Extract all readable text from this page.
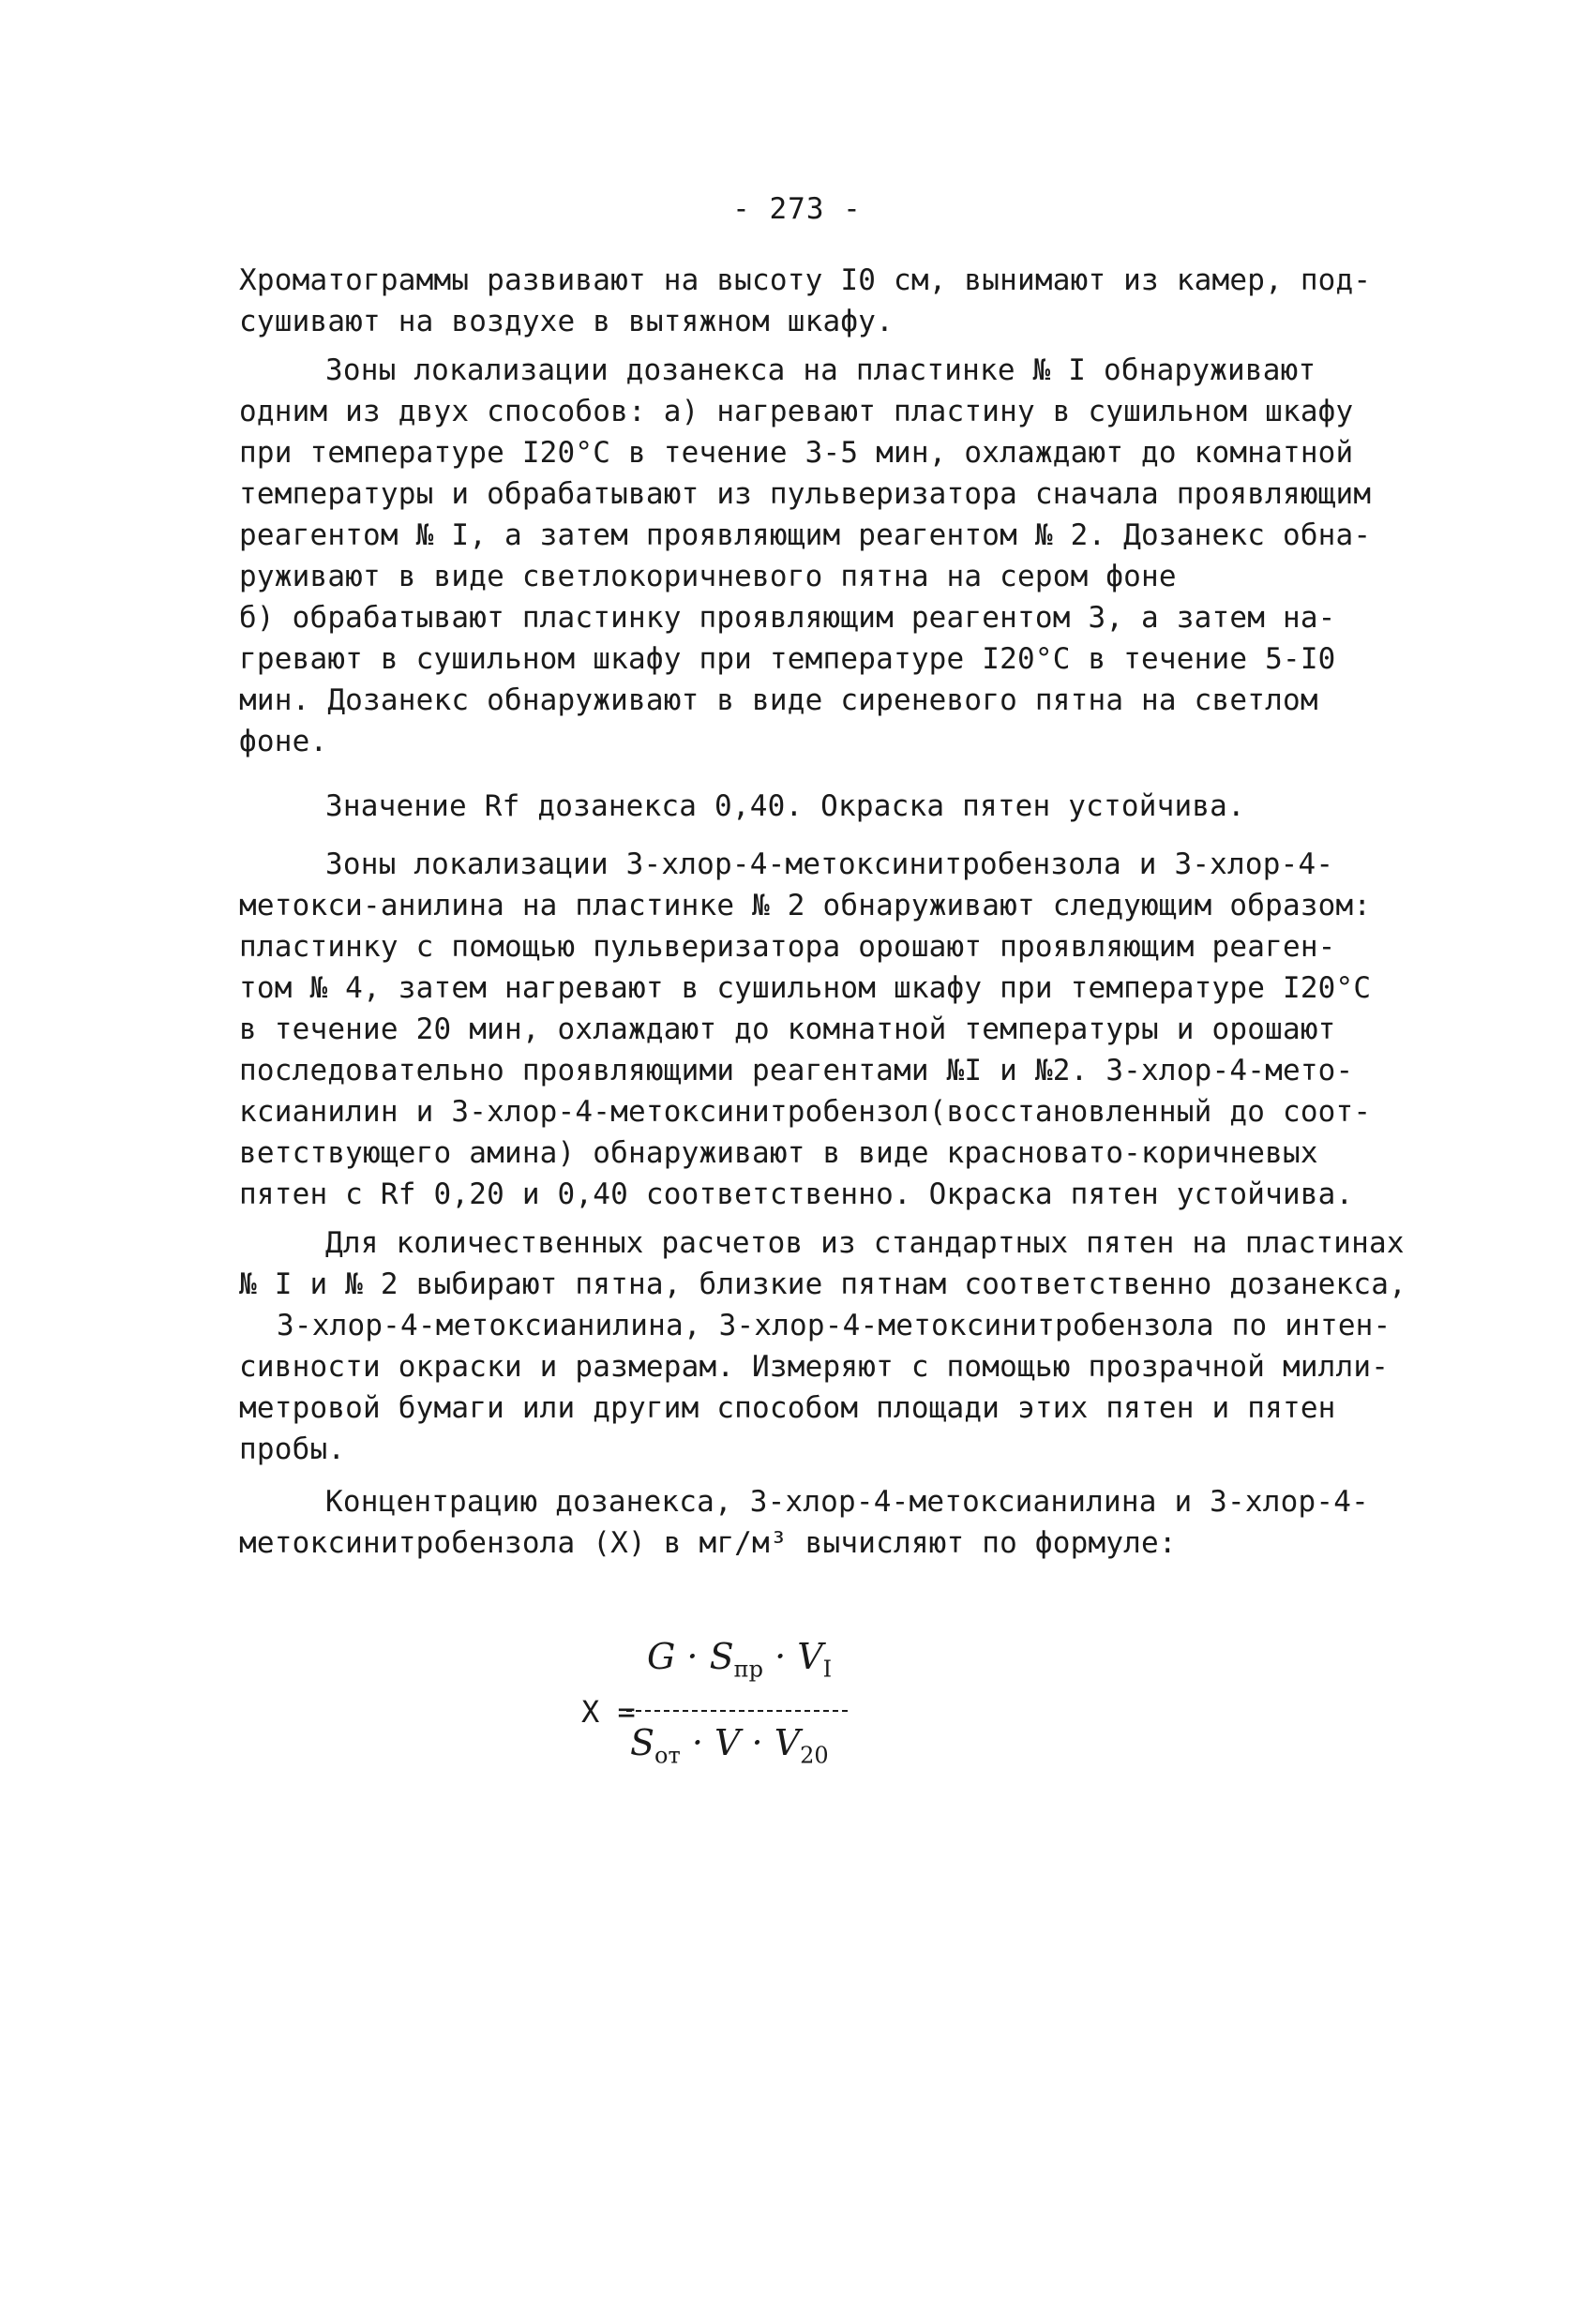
- 273 -
Хроматограммы развивают на высоту I0 см, вынимают из камер, под-
сушивают на воздухе в вытяжном шкафу.
Зоны локализации дозанекса на пластинке № I обнаруживают
одним из двух способов: а) нагревают пластину в сушильном шкафу
при температуре I20°С в течение 3-5 мин, охлаждают до комнатной
температуры и обрабатывают из пульверизатора сначала проявляющим
реагентом № I, а затем проявляющим реагентом № 2. Дозанекс обна-
руживают в виде светлокоричневого пятна на сером фоне
б) обрабатывают пластинку проявляющим реагентом 3, а затем на-
гревают в сушильном шкафу при температуре I20°С в течение 5-I0
мин. Дозанекс обнаруживают в виде сиреневого пятна на светлом
фоне.
Значение Rf дозанекса 0,40. Окраска пятен устойчива.
Зоны локализации 3-хлор-4-метоксинитробензола и 3-хлор-4-
метокси-анилина на пластинке № 2 обнаруживают следующим образом:
пластинку с помощью пульверизатора орошают проявляющим реаген-
том № 4, затем нагревают в сушильном шкафу при температуре I20°С
в течение 20 мин, охлаждают до комнатной температуры и орошают
последовательно проявляющими реагентами №I и №2. 3-хлор-4-мето-
ксианилин и 3-хлор-4-метоксинитробензол(восстановленный до соот-
ветствующего амина) обнаруживают в виде красновато-коричневых
пятен с Rf 0,20 и 0,40 соответственно. Окраска пятен устойчива.
Для количественных расчетов из стандартных пятен на пластинах
№ I и № 2 выбирают пятна, близкие пятнам соответственно дозанекса,
3-хлор-4-метоксианилина, 3-хлор-4-метоксинитробензола по интен-
сивности окраски и размерам. Измеряют с помощью прозрачной милли-
метровой бумаги или другим способом площади этих пятен и пятен
пробы.
Концентрацию дозанекса, 3-хлор-4-метоксианилина и 3-хлор-4-
метоксинитробензола (Х) в мг/м³ вычисляют по формуле:
Х =
$G \cdot S_{пр} \cdot V_I$
$S_{от} \cdot V \cdot V_{20}$
